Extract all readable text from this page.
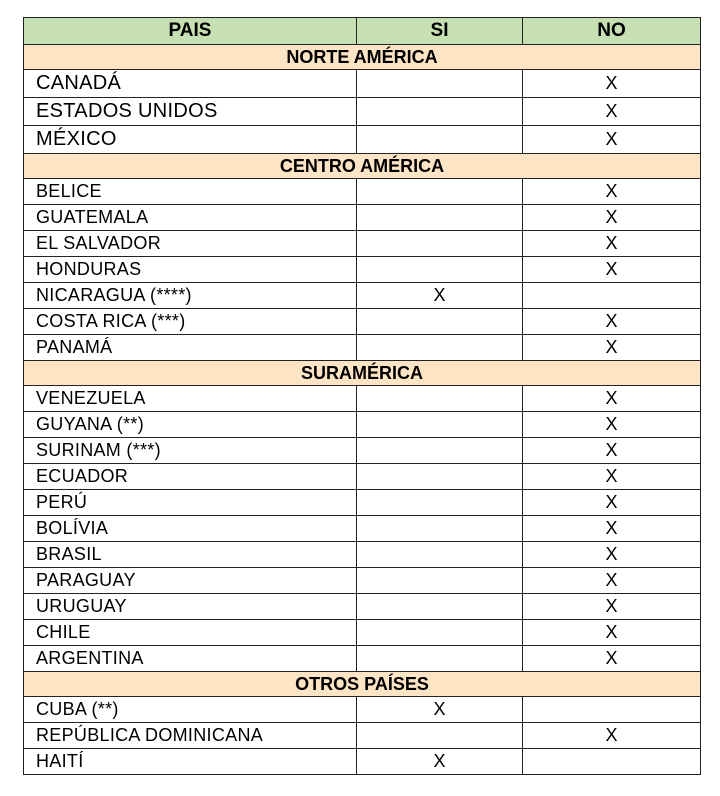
PAIS	SI	NO
NORTE AMÉRICA		
CANADÁ		X
ESTADOS UNIDOS		X
MÉXICO		X
CENTRO AMÉRICA		
BELICE		X
GUATEMALA		X
EL SALVADOR		X
HONDURAS		X
NICARAGUA (****)	X	
COSTA RICA (***)		X
PANAMÁ		X
SURAMÉRICA		
VENEZUELA		X
GUYANA (**)		X
SURINAM (***)		X
ECUADOR		X
PERÚ		X
BOLÍVIA		X
BRASIL		X
PARAGUAY		X
URUGUAY		X
CHILE		X
ARGENTINA		X
OTROS PAÍSES		
CUBA (**)	X	
REPÚBLICA DOMINICANA		X
HAITÍ	X	
